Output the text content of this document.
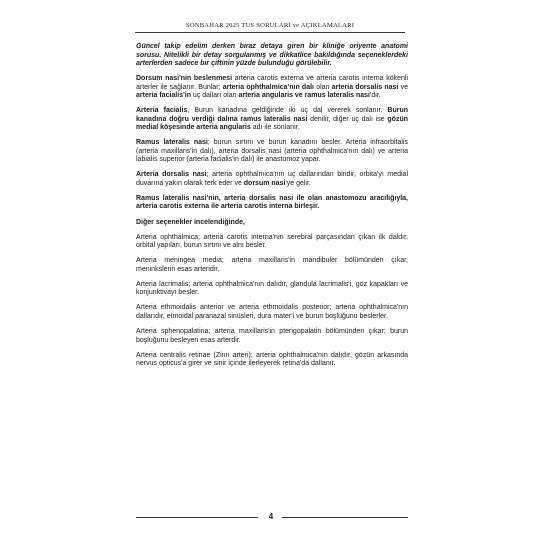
SONBAHAR 2025 TUS SORULARI ve AÇIKLAMALARI

Güncel takip edelim derken biraz detaya giren bir kliniğe oriyente anatomi sorusu. Nitelikli bir detay sorgulanmış ve dikkatlice bakıldığında seçeneklerdeki arterlerden sadece bir çiftinin yüzde bulunduğu görülebilir.

Dorsum nasi'nin beslenmesi arteria carotis externa ve arteria carotis interna kökenli arterler ile sağlanır. Bunlar; arteria ophthalmica'nın dalı olan arteria dorsalis nasi ve arteria facialis'in uç dalları olan arteria angularis ve ramus lateralis nasi'dir.

Arteria facialis, Burun kanadına geldiğinde iki uç dal vererek sonlanır. Burun kanadına doğru verdiği dalına ramus lateralis nasi denilir, diğer uç dalı ise gözün medial köşesinde arteria angularis adı ile sonlanır.

Ramus lateralis nasi; burun sırtını ve burun kanadını besler. Arteria infraorbitalis (arteria maxillaris'in dalı), arteria dorsalis nasi (arteria ophthalmica'nın dalı) ve arteria labialis superior (arteria facialis'in dalı) ile anastomoz yapar.

Arteria dorsalis nasi; arteria ophthalmica'nın uç dallarından biridir, orbita'yı medial duvarına yakın olarak terk eder ve dorsum nasi'ye gelir.

Ramus lateralis nasi'nin, arteria dorsalis nasi ile olan anastomozu aracılığıyla, arteria carotis externa ile arteria carotis interna birleşir.

Diğer seçenekler incelendiğinde,

Arteria ophthalmica; arteria carotis interna'nın serebral parçasından çıkan ilk daldır, orbital yapıları, burun sırtını ve alnı besler.

Arteria meningea media; arteria maxillaris'in mandibuler bölümünden çıkar, meninkslerin esas arteridir.

Arteria lacrimalis; arteria ophthalmica'nın dalıdır, glandula lacrimalis'i, göz kapakları ve konjunktivayı besler.

Arteria ethmoidalis anterior ve arteria ethmoidalis posterior; arteria ophthalmica'nın dallarıdır, etmoidal paranazal sinüsleri, dura mater'i ve burun boşluğunu beslerler.

Arteria sphenopalatina; arteria maxillaris'in pterigopalatin bölümünden çıkar; burun boşluğunu besleyen esas arterdir.

Arteria centralis retinae (Zinn arteri); arteria ophthalmica'nın dalıdır, gözün arkasında nervus opticus'a girer ve sinir içinde ilerleyerek retina'da dallanır.

4
